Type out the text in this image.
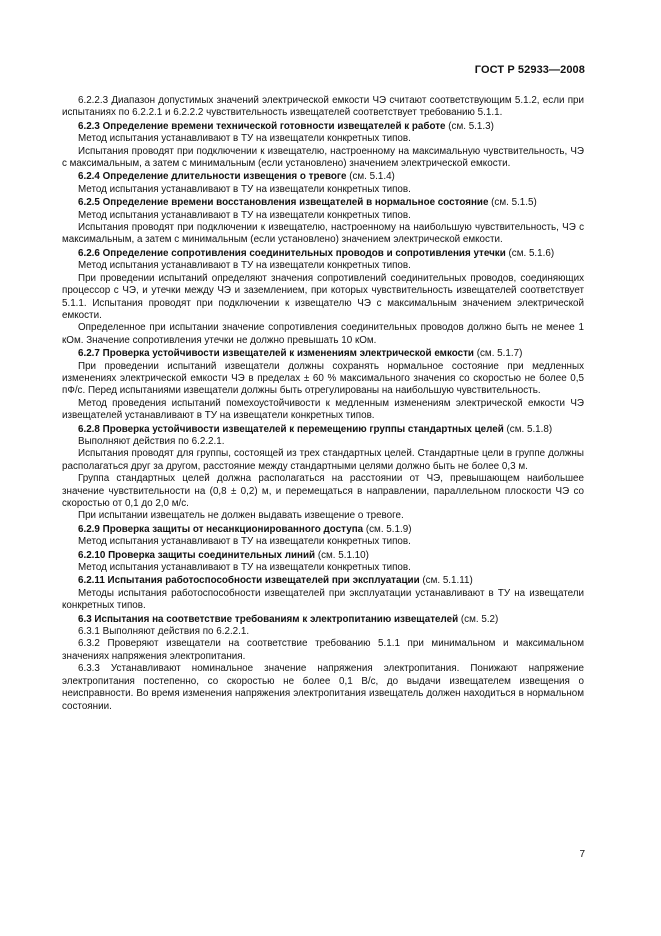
ГОСТ Р 52933—2008

6.2.2.3 Диапазон допустимых значений электрической емкости ЧЭ считают соответствующим 5.1.2, если при испытаниях по 6.2.2.1 и 6.2.2.2 чувствительность извещателей соответствует требованию 5.1.1.

6.2.3 Определение времени технической готовности извещателей к работе (см. 5.1.3)

Метод испытания устанавливают в ТУ на извещатели конкретных типов.

Испытания проводят при подключении к извещателю, настроенному на максимальную чувствительность, ЧЭ с максимальным, а затем с минимальным (если установлено) значением электрической емкости.

6.2.4 Определение длительности извещения о тревоге (см. 5.1.4)

Метод испытания устанавливают в ТУ на извещатели конкретных типов.

6.2.5 Определение времени восстановления извещателей в нормальное состояние (см. 5.1.5)

Метод испытания устанавливают в ТУ на извещатели конкретных типов.

Испытания проводят при подключении к извещателю, настроенному на наибольшую чувствительность, ЧЭ с максимальным, а затем с минимальным (если установлено) значением электрической емкости.

6.2.6 Определение сопротивления соединительных проводов и сопротивления утечки (см. 5.1.6)

Метод испытания устанавливают в ТУ на извещатели конкретных типов.

При проведении испытаний определяют значения сопротивлений соединительных проводов, соединяющих процессор с ЧЭ, и утечки между ЧЭ и заземлением, при которых чувствительность извещателей соответствует 5.1.1. Испытания проводят при подключении к извещателю ЧЭ с максимальным значением электрической емкости.

Определенное при испытании значение сопротивления соединительных проводов должно быть не менее 1 кОм. Значение сопротивления утечки не должно превышать 10 кОм.

6.2.7 Проверка устойчивости извещателей к изменениям электрической емкости (см. 5.1.7)

При проведении испытаний извещатели должны сохранять нормальное состояние при медленных изменениях электрической емкости ЧЭ в пределах ± 60 % максимального значения со скоростью не более 0,5 пФ/с. Перед испытаниями извещатели должны быть отрегулированы на наибольшую чувствительность.

Метод проведения испытаний помехоустойчивости к медленным изменениям электрической емкости ЧЭ извещателей устанавливают в ТУ на извещатели конкретных типов.

6.2.8 Проверка устойчивости извещателей к перемещению группы стандартных целей (см. 5.1.8)

Выполняют действия по 6.2.2.1.

Испытания проводят для группы, состоящей из трех стандартных целей. Стандартные цели в группе должны располагаться друг за другом, расстояние между стандартными целями должно быть не более 0,3 м.

Группа стандартных целей должна располагаться на расстоянии от ЧЭ, превышающем наибольшее значение чувствительности на (0,8 ± 0,2) м, и перемещаться в направлении, параллельном плоскости ЧЭ со скоростью от 0,1 до 2,0 м/с.

При испытании извещатель не должен выдавать извещение о тревоге.

6.2.9 Проверка защиты от несанкционированного доступа (см. 5.1.9)

Метод испытания устанавливают в ТУ на извещатели конкретных типов.

6.2.10 Проверка защиты соединительных линий (см. 5.1.10)

Метод испытания устанавливают в ТУ на извещатели конкретных типов.

6.2.11 Испытания работоспособности извещателей при эксплуатации (см. 5.1.11)

Методы испытания работоспособности извещателей при эксплуатации устанавливают в ТУ на извещатели конкретных типов.

6.3 Испытания на соответствие требованиям к электропитанию извещателей (см. 5.2)

6.3.1 Выполняют действия по 6.2.2.1.

6.3.2 Проверяют извещатели на соответствие требованию 5.1.1 при минимальном и максимальном значениях напряжения электропитания.

6.3.3 Устанавливают номинальное значение напряжения электропитания. Понижают напряжение электропитания постепенно, со скоростью не более 0,1 В/с, до выдачи извещателем извещения о неисправности. Во время изменения напряжения электропитания извещатель должен находиться в нормальном состоянии.

7
